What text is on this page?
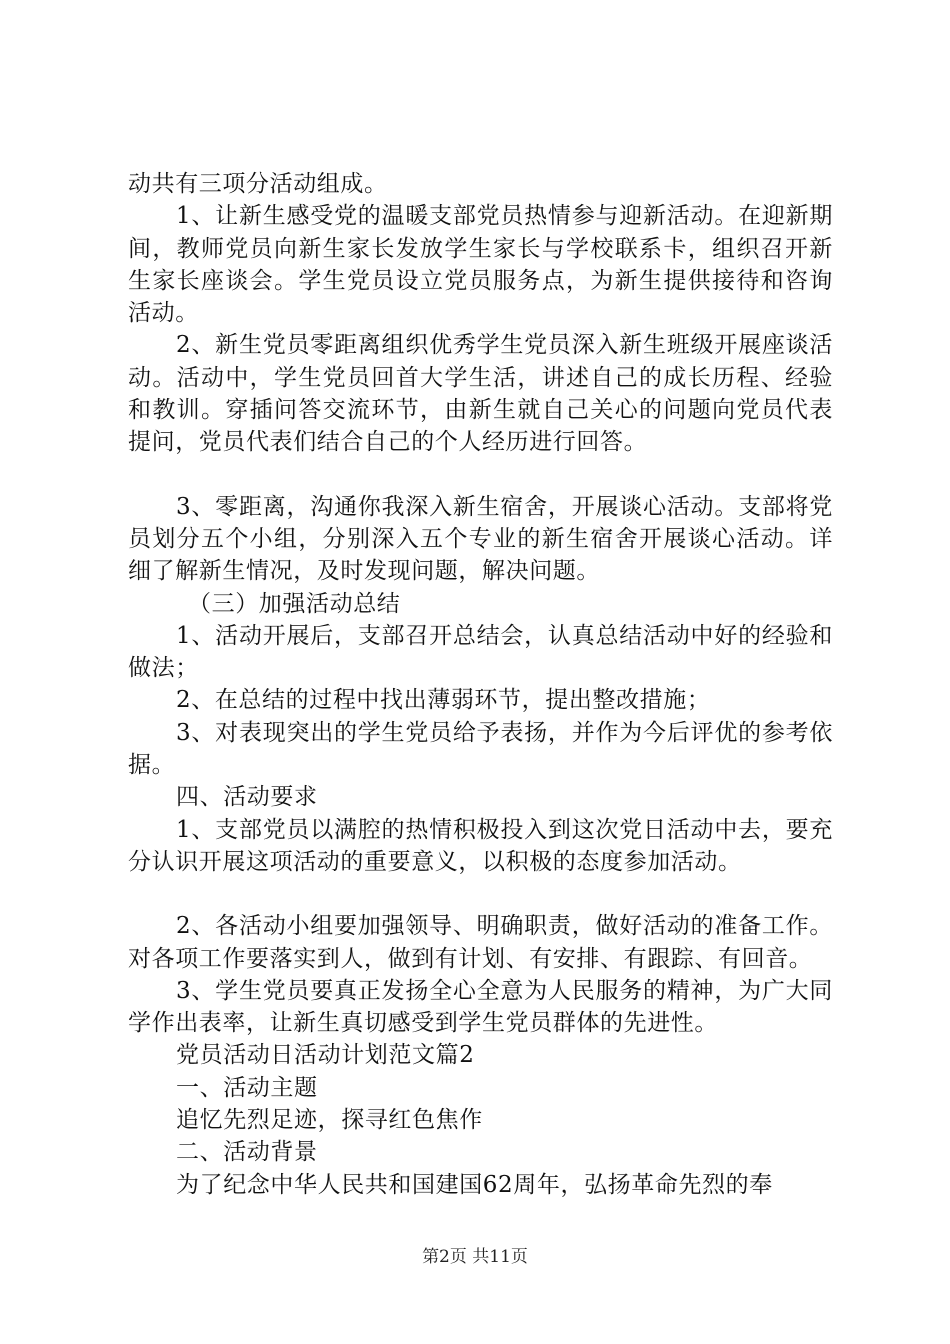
动共有三项分活动组成。

1、让新生感受党的温暖支部党员热情参与迎新活动。在迎新期间，教师党员向新生家长发放学生家长与学校联系卡，组织召开新生家长座谈会。学生党员设立党员服务点，为新生提供接待和咨询活动。

2、新生党员零距离组织优秀学生党员深入新生班级开展座谈活动。活动中，学生党员回首大学生活，讲述自己的成长历程、经验和教训。穿插问答交流环节，由新生就自己关心的问题向党员代表提问，党员代表们结合自己的个人经历进行回答。

3、零距离，沟通你我深入新生宿舍，开展谈心活动。支部将党员划分五个小组，分别深入五个专业的新生宿舍开展谈心活动。详细了解新生情况，及时发现问题，解决问题。

（三）加强活动总结

1、活动开展后，支部召开总结会，认真总结活动中好的经验和做法；

2、在总结的过程中找出薄弱环节，提出整改措施；

3、对表现突出的学生党员给予表扬，并作为今后评优的参考依据。

四、活动要求

1、支部党员以满腔的热情积极投入到这次党日活动中去，要充分认识开展这项活动的重要意义，以积极的态度参加活动。

2、各活动小组要加强领导、明确职责，做好活动的准备工作。对各项工作要落实到人，做到有计划、有安排、有跟踪、有回音。

3、学生党员要真正发扬全心全意为人民服务的精神，为广大同学作出表率，让新生真切感受到学生党员群体的先进性。

党员活动日活动计划范文篇2

一、活动主题

追忆先烈足迹，探寻红色焦作

二、活动背景

为了纪念中华人民共和国建国62周年，弘扬革命先烈的奉

第2页 共11页
